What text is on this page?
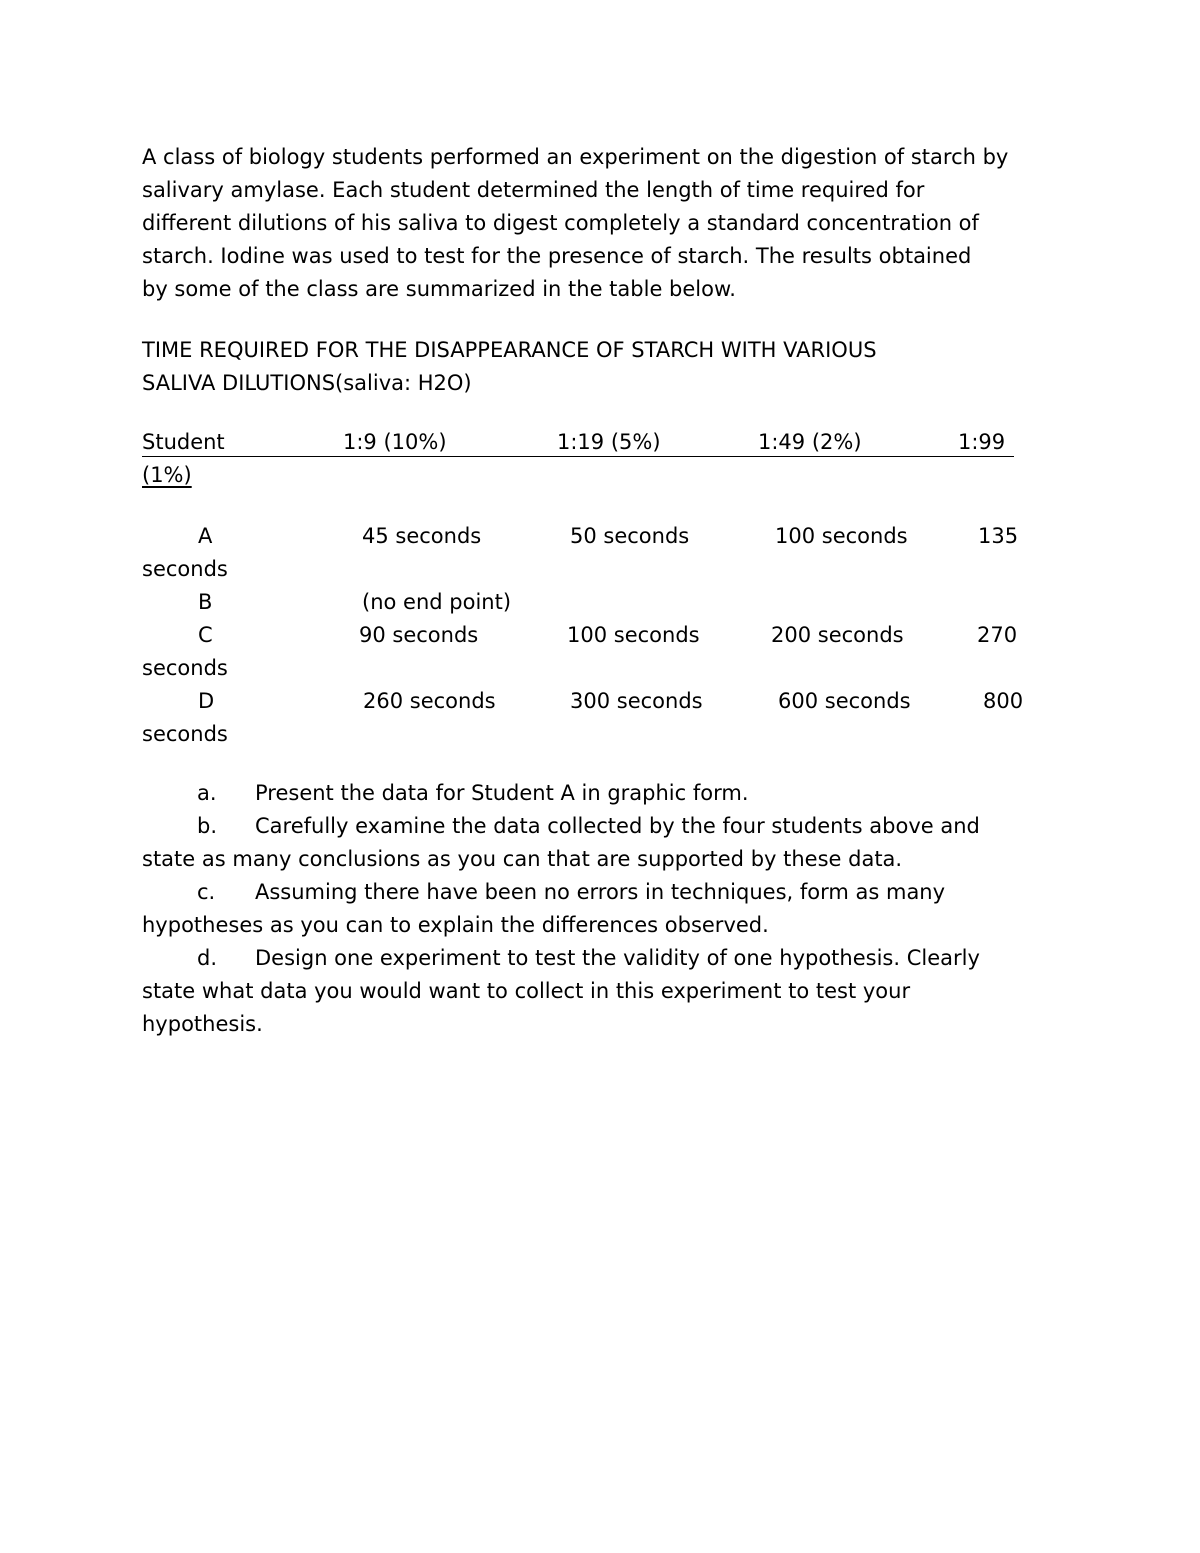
A class of biology students performed an experiment on the digestion of starch by
salivary amylase. Each student determined the length of time required for
different dilutions of his saliva to digest completely a standard concentration of
starch. Iodine was used to test for the presence of starch. The results obtained
by some of the class are summarized in the table below.
TIME REQUIRED FOR THE DISAPPEARANCE OF STARCH WITH VARIOUS
SALIVA DILUTIONS(saliva: H2O)
Student	1:9 (10%)	1:19 (5%)	1:49 (2%)	1:99
(1%)
A	45 seconds	50 seconds	100 seconds	135
seconds
B	(no end point)
C	90 seconds	100 seconds	200 seconds	270
seconds
D	260 seconds	300 seconds	600 seconds	800
seconds
a. Present the data for Student A in graphic form.
b. Carefully examine the data collected by the four students above and
state as many conclusions as you can that are supported by these data.
c. Assuming there have been no errors in techniques, form as many
hypotheses as you can to explain the differences observed.
d. Design one experiment to test the validity of one hypothesis. Clearly
state what data you would want to collect in this experiment to test your
hypothesis.
